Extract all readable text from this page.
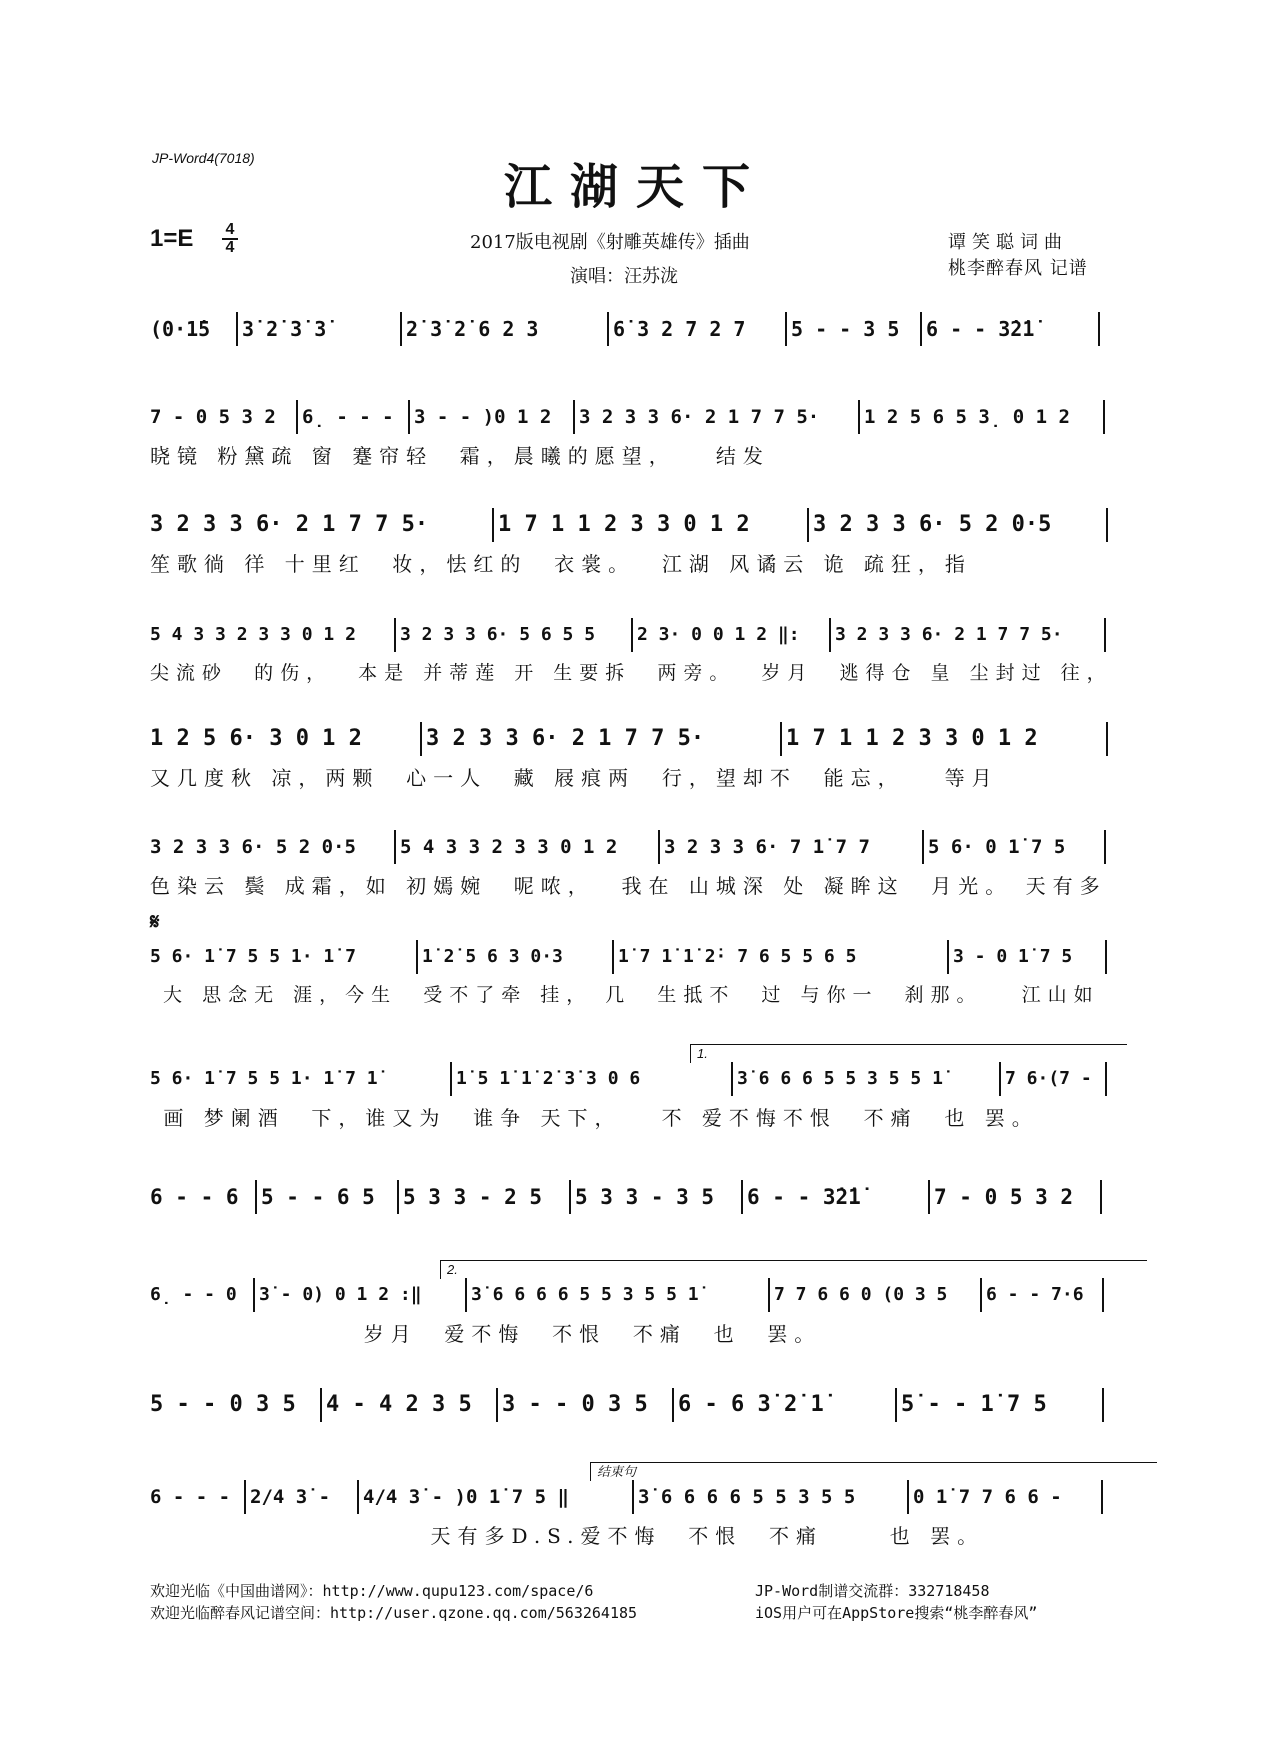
JP-Word4(7018)
江湖天下
$1=E \frac{4}{4}$	2017版电视剧《射雕英雄传》插曲
演唱：汪苏泷
谭笑聪词曲
桃李醉春风 记谱
(0·1̇5	3̇ 2̇ 3̇ 3̇	2̇ 3̇ 2̇ 6 2 3	6̇ 3 2 7 2 7	5 - - 3 5	6 - - 3̇2̇1̇
7 - 0 5 3 2	6̣ - - -	3 - - )0 1 2	3 2 3 3 6· 2 1 7 7 5·	1 2 5 6 5 3̣ 0 1 2
晓镜 粉黛疏 窗 蹇帘轻  霜，晨曦的愿望，   结发
3 2 3 3 6· 2 1 7 7 5·	1 7 1 1 2 3 3 0 1 2	3 2 3 3 6· 5 2 0·5
笙歌徜 徉 十里红  妆，怯红的  衣裳。  江湖 风谲云 诡 疏狂，指
5 4 3 3 2 3 3 0 1 2	3 2 3 3 6· 5 6 5 5	2 3· 0 0 1 2 ‖:	3 2 3 3 6· 2 1 7 7 5·
尖流砂  的伤，  本是 并蒂莲 开 生要拆  两旁。  岁月  逃得仓 皇 尘封过 往，
1 2 5 6· 3 0 1 2	3 2 3 3 6· 2 1 7 7 5·	1 7 1 1 2 3 3 0 1 2
又几度秋 凉，两颗  心一人  藏 屐痕两  行，望却不  能忘，   等月
3 2 3 3 6· 5 2 0·5	5 4 3 3 2 3 3 0 1 2	3 2 3 3 6· 7 1̇ 7 7	5 6· 0 1̇ 7 5
色染云 鬓 成霜，如 初嫣婉  呢哝，  我在 山城深 处 凝眸这  月光。 天有多
𝄋
5 6· 1̇ 7 5 5 1· 1̇ 7	1̇ 2̇ 5 6 3 0·3	1̇ 7 1̇ 1̇ 2̇· 7 6 5 5 6 5	3 - 0 1̇ 7 5
大 思念无 涯，今生  受不了牵 挂， 几  生抵不  过 与你一  刹那。   江山如
1.
5 6· 1̇ 7 5 5 1· 1̇ 7 1̇	1̇ 5 1̇ 1̇ 2̇ 3̇ 3 0 6	3̇ 6 6 6 5 5 3 5 5 1̇	7 6·(7 -
画 梦阑酒  下，谁又为  谁争 天下，   不 爱不悔不恨  不痛  也 罢。
6 - - 6	5 - - 6 5	5 3 3 - 2 5	5 3 3 - 3 5	6 - - 3̇2̇1̇	7 - 0 5 3 2
2.
6̣ - - 0	3̇ - 0) 0 1 2 :‖	3̇ 6 6 6 6 5 5 3 5 5 1̇	7 7 6 6 0 (0 3 5	6 - - 7·6
岁月  爱不悔  不恨  不痛  也  罢。
5 - - 0 3 5	4 - 4 2 3 5	3 - - 0 3 5	6 - 6 3̇ 2̇ 1̇	5̇ - - 1̇ 7 5
结束句
6 - - -	2/4 3̇ -	4/4 3̇ - )0 1̇ 7 5 ‖	3̇ 6 6 6 6 5 5 3 5 5	0 1̇ 7 7 6 6 -
天有多D.S.爱不悔  不恨  不痛     也 罢。
欢迎光临《中国曲谱网》：http://www.qupu123.com/space/6
欢迎光临醉春风记谱空间：http://user.qzone.qq.com/563264185
JP-Word制谱交流群：332718458
iOS用户可在AppStore搜索“桃李醉春风”
